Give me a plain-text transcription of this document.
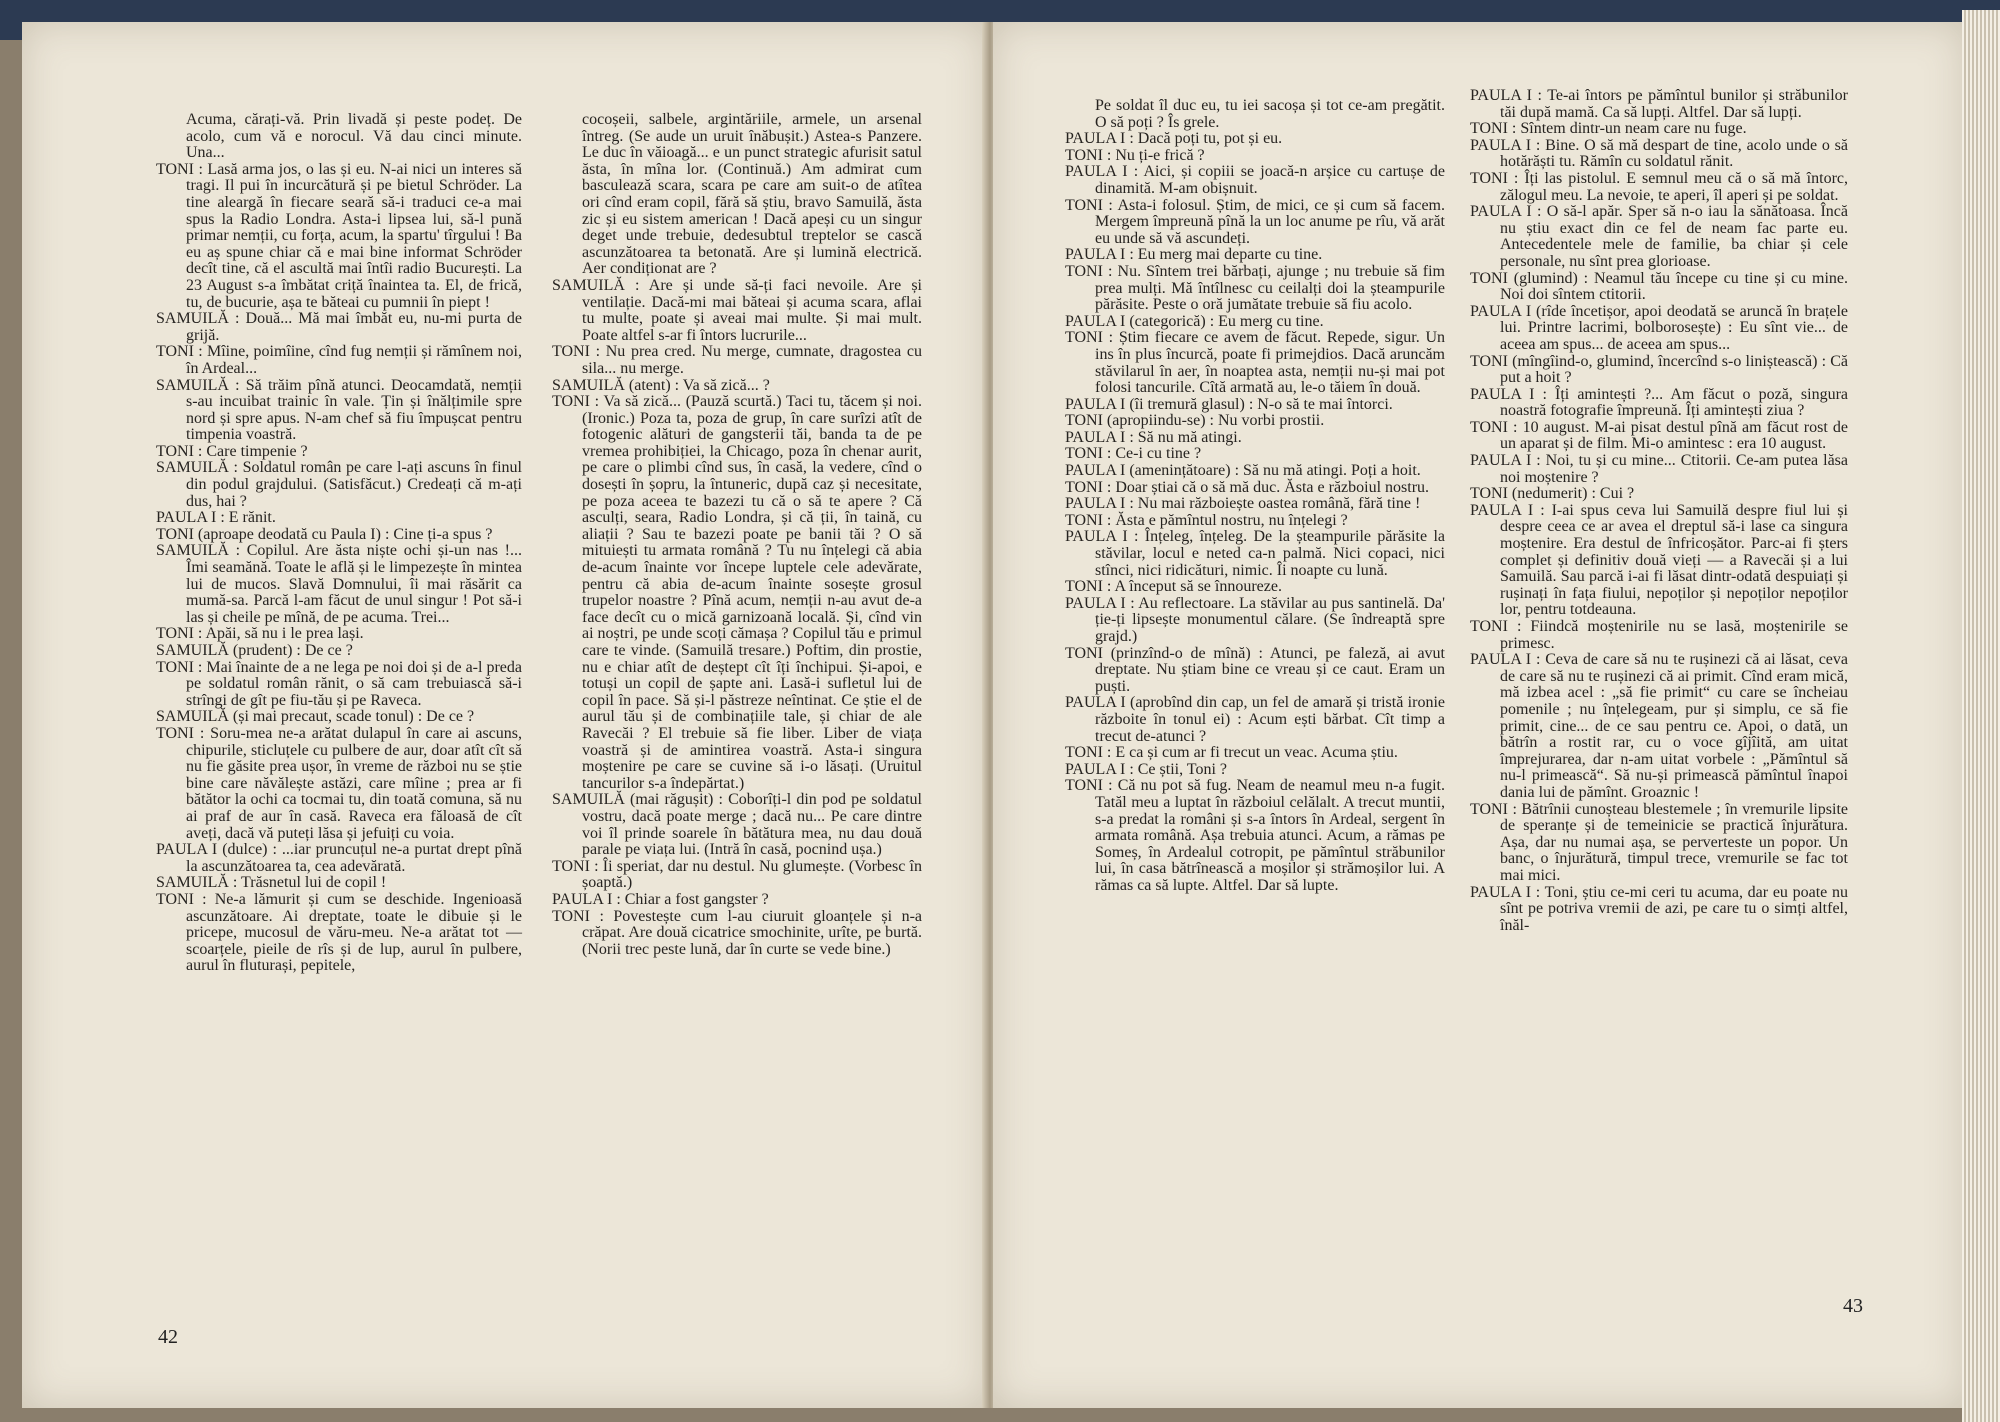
Acuma, cărați-vă. Prin livadă și peste podeț. De acolo, cum vă e norocul. Vă dau cinci minute. Una...

TONI : Lasă arma jos, o las și eu. N-ai nici un interes să tragi. Il pui în incurcătură și pe bietul Schröder. La tine aleargă în fiecare seară să-i traduci ce-a mai spus la Radio Londra. Asta-i lipsea lui, să-l pună primar nemții, cu forța, acum, la spartu' tîrgului ! Ba eu aș spune chiar că e mai bine informat Schröder decît tine, că el ascultă mai întîi radio București. La 23 August s-a îmbătat criță înaintea ta. El, de frică, tu, de bucurie, așa te băteai cu pumnii în piept !

SAMUILĂ : Două... Mă mai îmbăt eu, nu-mi purta de grijă.

TONI : Mîine, poimîine, cînd fug nemții și rămînem noi, în Ardeal...

SAMUILĂ : Să trăim pînă atunci. Deocamdată, nemții s-au incuibat trainic în vale. Țin și înălțimile spre nord și spre apus. N-am chef să fiu împușcat pentru timpenia voastră.

TONI : Care timpenie ?

SAMUILĂ : Soldatul român pe care l-ați ascuns în finul din podul grajdului. (Satisfăcut.) Credeați că m-ați dus, hai ?

PAULA I : E rănit.

TONI (aproape deodată cu Paula I) : Cine ți-a spus ?

SAMUILĂ : Copilul. Are ăsta niște ochi și-un nas !... Îmi seamănă. Toate le află și le limpezește în mintea lui de mucos. Slavă Domnului, îi mai răsărit ca mumă-sa. Parcă l-am făcut de unul singur ! Pot să-i las și cheile pe mînă, de pe acuma. Trei...

TONI : Apăi, să nu i le prea lași.

SAMUILĂ (prudent) : De ce ?

TONI : Mai înainte de a ne lega pe noi doi și de a-l preda pe soldatul român rănit, o să cam trebuiască să-i strîngi de gît pe fiu-tău și pe Raveca.

SAMUILĂ (și mai precaut, scade tonul) : De ce ?

TONI : Soru-mea ne-a arătat dulapul în care ai ascuns, chipurile, sticluțele cu pulbere de aur, doar atît cît să nu fie găsite prea ușor, în vreme de război nu se știe bine care năvălește astăzi, care mîine ; prea ar fi bătător la ochi ca tocmai tu, din toată comuna, să nu ai praf de aur în casă. Raveca era făloasă de cît aveți, dacă vă puteți lăsa și jefuiți cu voia.

PAULA I (dulce) : ...iar pruncuțul ne-a purtat drept pînă la ascunzătoarea ta, cea adevărată.

SAMUILĂ : Trăsnetul lui de copil !

TONI : Ne-a lămurit și cum se deschide. Ingenioasă ascunzătoare. Ai dreptate, toate le dibuie și le pricepe, mucosul de văru-meu. Ne-a arătat tot — scoarțele, pieile de rîs și de lup, aurul în pulbere, aurul în fluturași, pepitele,

cocoșeii, salbele, argintăriile, armele, un arsenal întreg. (Se aude un uruit înăbușit.) Astea-s Panzere. Le duc în văioagă... e un punct strategic afurisit satul ăsta, în mîna lor. (Continuă.) Am admirat cum basculează scara, scara pe care am suit-o de atîtea ori cînd eram copil, fără să știu, bravo Samuilă, ăsta zic și eu sistem american ! Dacă apeși cu un singur deget unde trebuie, dedesubtul treptelor se cască ascunzătoarea ta betonată. Are și lumină electrică. Aer condiționat are ?

SAMUILĂ : Are și unde să-ți faci nevoile. Are și ventilație. Dacă-mi mai băteai și acuma scara, aflai tu multe, poate și aveai mai multe. Și mai mult. Poate altfel s-ar fi întors lucrurile...

TONI : Nu prea cred. Nu merge, cumnate, dragostea cu sila... nu merge.

SAMUILĂ (atent) : Va să zică... ?

TONI : Va să zică... (Pauză scurtă.) Taci tu, tăcem și noi. (Ironic.) Poza ta, poza de grup, în care surîzi atît de fotogenic alături de gangsterii tăi, banda ta de pe vremea prohibiției, la Chicago, poza în chenar aurit, pe care o plimbi cînd sus, în casă, la vedere, cînd o dosești în șopru, la întuneric, după caz și necesitate, pe poza aceea te bazezi tu că o să te apere ? Că asculți, seara, Radio Londra, și că ții, în taină, cu aliații ? Sau te bazezi poate pe banii tăi ? O să mituiești tu armata română ? Tu nu înțelegi că abia de-acum înainte vor începe luptele cele adevărate, pentru că abia de-acum înainte sosește grosul trupelor noastre ? Pînă acum, nemții n-au avut de-a face decît cu o mică garnizoană locală. Și, cînd vin ai noștri, pe unde scoți cămașa ? Copilul tău e primul care te vinde. (Samuilă tresare.) Poftim, din prostie, nu e chiar atît de deștept cît îți închipui. Și-apoi, e totuși un copil de șapte ani. Lasă-i sufletul lui de copil în pace. Să și-l păstreze neîntinat. Ce știe el de aurul tău și de combinațiile tale, și chiar de ale Ravecăi ? El trebuie să fie liber. Liber de viața voastră și de amintirea voastră. Asta-i singura moștenire pe care se cuvine să i-o lăsați. (Uruitul tancurilor s-a îndepărtat.)

SAMUILĂ (mai răgușit) : Coborîți-l din pod pe soldatul vostru, dacă poate merge ; dacă nu... Pe care dintre voi îl prinde soarele în bătătura mea, nu dau două parale pe viața lui. (Intră în casă, pocnind ușa.)

TONI : Îi speriat, dar nu destul. Nu glumește. (Vorbesc în șoaptă.)

PAULA I : Chiar a fost gangster ?

TONI : Povestește cum l-au ciuruit gloanțele și n-a crăpat. Are două cicatrice smochinite, urîte, pe burtă. (Norii trec peste lună, dar în curte se vede bine.)

42

Pe soldat îl duc eu, tu iei sacoșa și tot ce-am pregătit. O să poți ? Îs grele.

PAULA I : Dacă poți tu, pot și eu.

TONI : Nu ți-e frică ?

PAULA I : Aici, și copiii se joacă-n arșice cu cartușe de dinamită. M-am obișnuit.

TONI : Asta-i folosul. Știm, de mici, ce și cum să facem. Mergem împreună pînă la un loc anume pe rîu, vă arăt eu unde să vă ascundeți.

PAULA I : Eu merg mai departe cu tine.

TONI : Nu. Sîntem trei bărbați, ajunge ; nu trebuie să fim prea mulți. Mă întîlnesc cu ceilalți doi la șteampurile părăsite. Peste o oră jumătate trebuie să fiu acolo.

PAULA I (categorică) : Eu merg cu tine.

TONI : Știm fiecare ce avem de făcut. Repede, sigur. Un ins în plus încurcă, poate fi primejdios. Dacă aruncăm stăvilarul în aer, în noaptea asta, nemții nu-și mai pot folosi tancurile. Cîtă armată au, le-o tăiem în două.

PAULA I (îi tremură glasul) : N-o să te mai întorci.

TONI (apropiindu-se) : Nu vorbi prostii.

PAULA I : Să nu mă atingi.

TONI : Ce-i cu tine ?

PAULA I (amenințătoare) : Să nu mă atingi. Poți a hoit.

TONI : Doar știai că o să mă duc. Ăsta e războiul nostru.

PAULA I : Nu mai războiește oastea română, fără tine !

TONI : Ăsta e pămîntul nostru, nu înțelegi ?

PAULA I : Înțeleg, înțeleg. De la șteampurile părăsite la stăvilar, locul e neted ca-n palmă. Nici copaci, nici stînci, nici ridicături, nimic. Îi noapte cu lună.

TONI : A început să se înnoureze.

PAULA I : Au reflectoare. La stăvilar au pus santinelă. Da' ție-ți lipsește monumentul călare. (Se îndreaptă spre grajd.)

TONI (prinzînd-o de mînă) : Atunci, pe faleză, ai avut dreptate. Nu știam bine ce vreau și ce caut. Eram un puști.

PAULA I (aprobînd din cap, un fel de amară și tristă ironie războite în tonul ei) : Acum ești bărbat. Cît timp a trecut de-atunci ?

TONI : E ca și cum ar fi trecut un veac. Acuma știu.

PAULA I : Ce știi, Toni ?

TONI : Că nu pot să fug. Neam de neamul meu n-a fugit. Tatăl meu a luptat în războiul celălalt. A trecut muntii, s-a predat la români și s-a întors în Ardeal, sergent în armata română. Așa trebuia atunci. Acum, a rămas pe Someș, în Ardealul cotropit, pe pămîntul străbunilor lui, în casa bătrînească a moșilor și strămoșilor lui. A rămas ca să lupte. Altfel. Dar să lupte.

PAULA I : Te-ai întors pe pămîntul bunilor și străbunilor tăi după mamă. Ca să lupți. Altfel. Dar să lupți.

TONI : Sîntem dintr-un neam care nu fuge.

PAULA I : Bine. O să mă despart de tine, acolo unde o să hotărăști tu. Rămîn cu soldatul rănit.

TONI : Îți las pistolul. E semnul meu că o să mă întorc, zălogul meu. La nevoie, te aperi, îl aperi și pe soldat.

PAULA I : O să-l apăr. Sper să n-o iau la sănătoasa. Încă nu știu exact din ce fel de neam fac parte eu. Antecedentele mele de familie, ba chiar și cele personale, nu sînt prea glorioase.

TONI (glumind) : Neamul tău începe cu tine și cu mine. Noi doi sîntem ctitorii.

PAULA I (rîde încetișor, apoi deodată se aruncă în brațele lui. Printre lacrimi, bolborosește) : Eu sînt vie... de aceea am spus... de aceea am spus...

TONI (mîngîind-o, glumind, încercînd s-o liniștească) : Că put a hoit ?

PAULA I : Îți amintești ?... Am făcut o poză, singura noastră fotografie împreună. Îți amintești ziua ?

TONI : 10 august. M-ai pisat destul pînă am făcut rost de un aparat și de film. Mi-o amintesc : era 10 august.

PAULA I : Noi, tu și cu mine... Ctitorii. Ce-am putea lăsa noi moștenire ?

TONI (nedumerit) : Cui ?

PAULA I : I-ai spus ceva lui Samuilă despre fiul lui și despre ceea ce ar avea el dreptul să-i lase ca singura moștenire. Era destul de înfricoșător. Parc-ai fi șters complet și definitiv două vieți — a Ravecăi și a lui Samuilă. Sau parcă i-ai fi lăsat dintr-odată despuiați și rușinați în fața fiului, nepoților și nepoților nepoților lor, pentru totdeauna.

TONI : Fiindcă moștenirile nu se lasă, moștenirile se primesc.

PAULA I : Ceva de care să nu te rușinezi că ai lăsat, ceva de care să nu te rușinezi că ai primit. Cînd eram mică, mă izbea acel : „să fie primit“ cu care se încheiau pomenile ; nu înțelegeam, pur și simplu, ce să fie primit, cine... de ce sau pentru ce. Apoi, o dată, un bătrîn a rostit rar, cu o voce gîjîită, am uitat împrejurarea, dar n-am uitat vorbele : „Pămîntul să nu-l primească“. Să nu-și primească pămîntul înapoi dania lui de pămînt. Groaznic !

TONI : Bătrînii cunoșteau blestemele ; în vremurile lipsite de speranțe și de temeinicie se practică înjurătura. Așa, dar nu numai așa, se perverteste un popor. Un banc, o înjurătură, timpul trece, vremurile se fac tot mai mici.

PAULA I : Toni, știu ce-mi ceri tu acuma, dar eu poate nu sînt pe potriva vremii de azi, pe care tu o simți altfel, înăl-

43
